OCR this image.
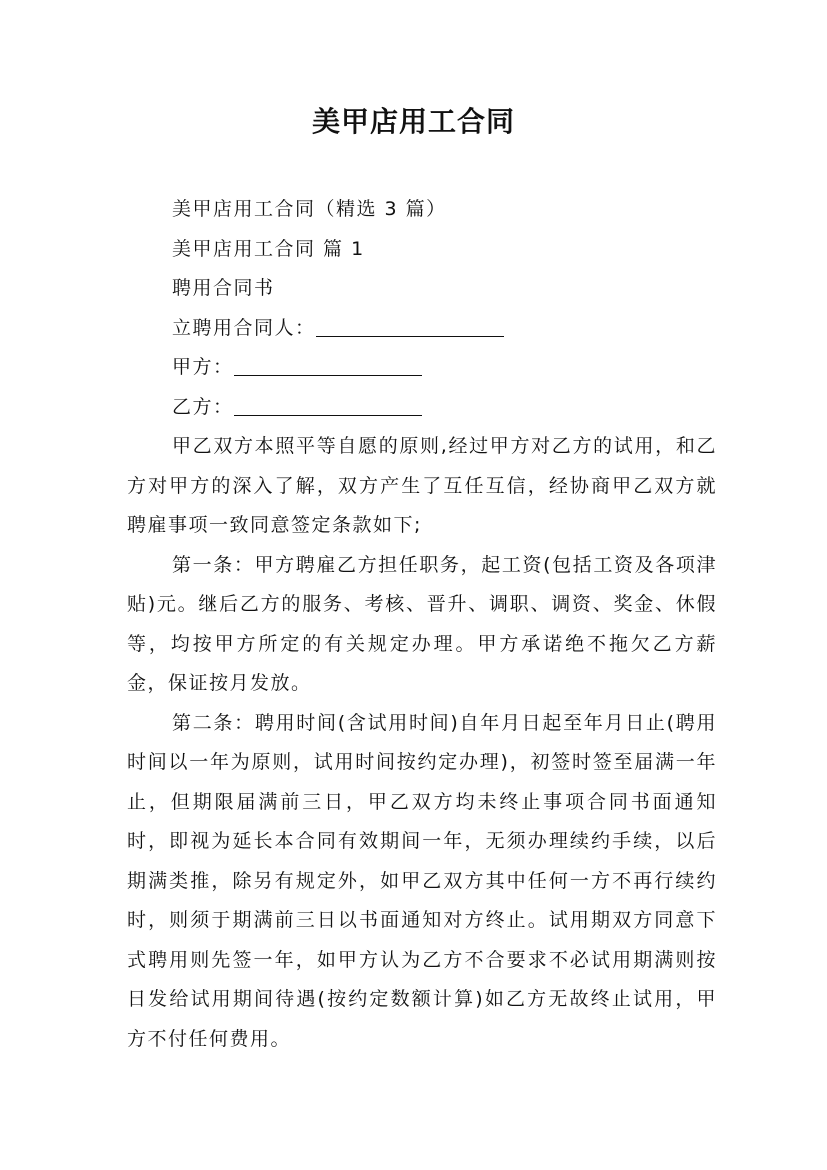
美甲店用工合同
美甲店用工合同（精选 3 篇）
美甲店用工合同 篇 1
聘用合同书
立聘用合同人：
甲方：
乙方：

甲乙双方本照平等自愿的原则,经过甲方对乙方的试用，和乙方对甲方的深入了解，双方产生了互任互信，经协商甲乙双方就聘雇事项一致同意签定条款如下;

第一条：甲方聘雇乙方担任职务，起工资(包括工资及各项津贴)元。继后乙方的服务、考核、晋升、调职、调资、奖金、休假等，均按甲方所定的有关规定办理。甲方承诺绝不拖欠乙方薪金，保证按月发放。

第二条：聘用时间(含试用时间)自年月日起至年月日止(聘用时间以一年为原则，试用时间按约定办理)，初签时签至届满一年止，但期限届满前三日，甲乙双方均未终止事项合同书面通知时，即视为延长本合同有效期间一年，无须办理续约手续，以后期满类推，除另有规定外，如甲乙双方其中任何一方不再行续约时，则须于期满前三日以书面通知对方终止。试用期双方同意下式聘用则先签一年，如甲方认为乙方不合要求不必试用期满则按日发给试用期间待遇(按约定数额计算)如乙方无故终止试用，甲方不付任何费用。
